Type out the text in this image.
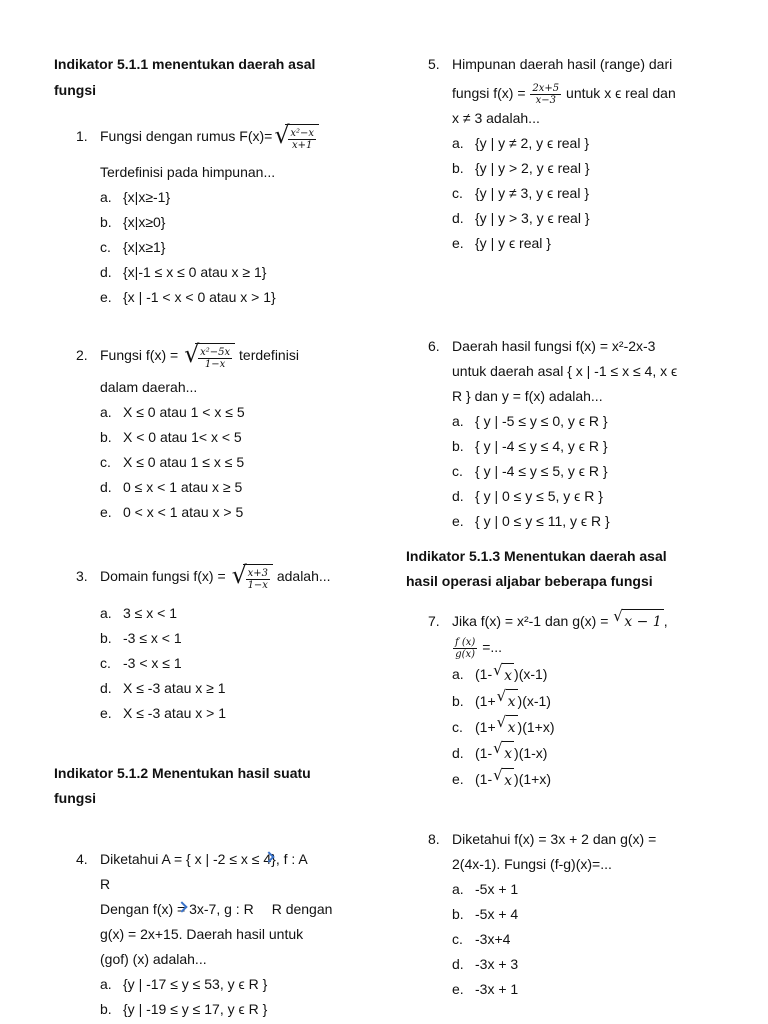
Indikator 5.1.1 menentukan daerah asal
fungsi
1. Fungsi dengan rumus F(x)= √
$\frac{\text{x²−x}}{x+1}$
Terdefinisi pada himpunan...
a. {x|x≥-1}
b. {x|x≥0}
c. {x|x≥1}
d. {x|-1 ≤ x ≤ 0 atau x ≥ 1}
e. {x | -1 < x < 0 atau x > 1}
2. Fungsi f(x) = √
$\frac{\text{x²−5x}}{1-x}$ terdefinisi
dalam daerah...
a. X ≤ 0 atau 1 < x ≤ 5
b. X < 0 atau 1< x < 5
c. X ≤ 0 atau 1 ≤ x ≤ 5
d. 0 ≤ x < 1 atau x ≥ 5
e. 0 < x < 1 atau x > 5
3. Domain fungsi f(x) = √
$\frac{x+3}{1-x}$ adalah...
a. 3 ≤ x < 1
b. -3 ≤ x < 1
c. -3 < x ≤ 1
d. X ≤ -3 atau x ≥ 1
e. X ≤ -3 atau x > 1
Indikator 5.1.2 Menentukan hasil suatu
fungsi
4. Diketahui A = { x | -2 ≤ x ≤ 4}, f : A
R
Dengan f(x) = 3x-7, g : R R dengan
g(x) = 2x+15. Daerah hasil untuk
(gof) (x) adalah...
a. {y | -17 ≤ y ≤ 53, y ϵ R }
b. {y | -19 ≤ y ≤ 17, y ϵ R }
5. Himpunan daerah hasil (range) dari
fungsi $f(x) = \frac{2x+5}{x-3}$ untuk x ϵ real dan
x ≠ 3 adalah...
a. {y | y ≠ 2, y ϵ real }
b. {y | y > 2, y ϵ real }
c. {y | y ≠ 3, y ϵ real }
d. {y | y > 3, y ϵ real }
e. {y | y ϵ real }
6. Daerah hasil fungsi f(x) = x²-2x-3
untuk daerah asal { x | -1 ≤ x ≤ 4, x ϵ
R } dan y = f(x) adalah...
a. { y | -5 ≤ y ≤ 0, y ϵ R }
b. { y | -4 ≤ y ≤ 4, y ϵ R }
c. { y | -4 ≤ y ≤ 5, y ϵ R }
d. { y | 0 ≤ y ≤ 5, y ϵ R }
e. { y | 0 ≤ y ≤ 11, y ϵ R }
Indikator 5.1.3 Menentukan daerah asal
hasil operasi aljabar beberapa fungsi
7. Jika f(x) = x²-1 dan g(x) = √ x − 1 ,
$\frac{f (x)}{g(x)}$ =...
a. (1- √ x )(x-1)
b. (1+ √ x )(x-1)
c. (1+ √ x )(1+x)
d. (1- √ x )(1-x)
e. (1- √ x )(1+x)
8. Diketahui f(x) = 3x + 2 dan g(x) =
2(4x-1). Fungsi (f-g)(x)=...
a. -5x + 1
b. -5x + 4
c. -3x+4
d. -3x + 3
e. -3x + 1
